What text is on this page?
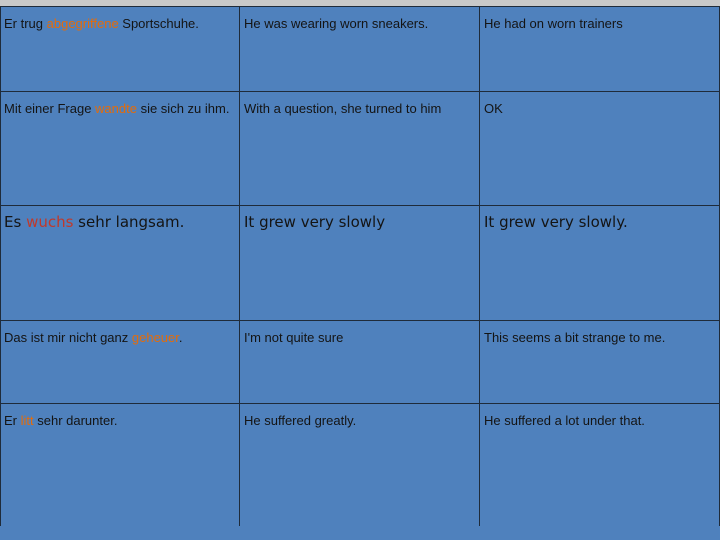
Er trug abgegriffene Sportschuhe.	He was wearing worn sneakers.	He had on worn trainers
Mit einer Frage wandte sie sich zu ihm.	With a question, she turned to him	OK
Es wuchs sehr langsam.	It grew very slowly	It grew very slowly.
Das ist mir nicht ganz geheuer.	I'm not quite sure	This seems a bit strange to me.
Er litt sehr darunter.	He suffered greatly.	He suffered a lot under that.
